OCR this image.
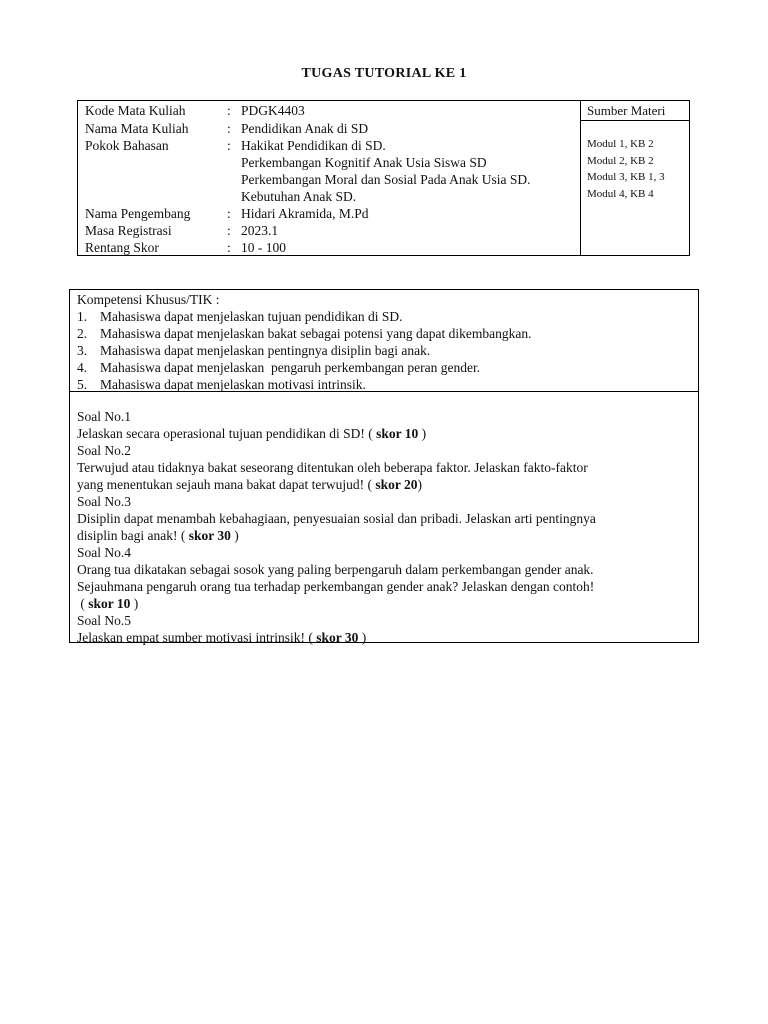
TUGAS TUTORIAL KE 1
Kode Mata Kuliah	: PDGK4403
Nama Mata Kuliah	: Pendidikan Anak di SD
Pokok Bahasan	: Hakikat Pendidikan di SD.
Perkembangan Kognitif Anak Usia Siswa SD
Perkembangan Moral dan Sosial Pada Anak Usia SD.
Kebutuhan Anak SD.
Nama Pengembang	: Hidari Akramida, M.Pd
Masa Registrasi	: 2023.1
Rentang Skor	: 10 - 100
Sumber Materi
Modul 1, KB 2
Modul 2, KB 2
Modul 3, KB 1, 3
Modul 4, KB 4
Kompetensi Khusus/TIK :
1. Mahasiswa dapat menjelaskan tujuan pendidikan di SD.
2. Mahasiswa dapat menjelaskan bakat sebagai potensi yang dapat dikembangkan.
3. Mahasiswa dapat menjelaskan pentingnya disiplin bagi anak.
4. Mahasiswa dapat menjelaskan  pengaruh perkembangan peran gender.
5. Mahasiswa dapat menjelaskan motivasi intrinsik.
Soal No.1
Jelaskan secara operasional tujuan pendidikan di SD! ( skor 10 )
Soal No.2
Terwujud atau tidaknya bakat seseorang ditentukan oleh beberapa faktor. Jelaskan fakto-faktor
yang menentukan sejauh mana bakat dapat terwujud! ( skor 20)
Soal No.3
Disiplin dapat menambah kebahagiaan, penyesuaian sosial dan pribadi. Jelaskan arti pentingnya
disiplin bagi anak! ( skor 30 )
Soal No.4
Orang tua dikatakan sebagai sosok yang paling berpengaruh dalam perkembangan gender anak.
Sejauhmana pengaruh orang tua terhadap perkembangan gender anak? Jelaskan dengan contoh!
( skor 10 )
Soal No.5
Jelaskan empat sumber motivasi intrinsik! ( skor 30 )
